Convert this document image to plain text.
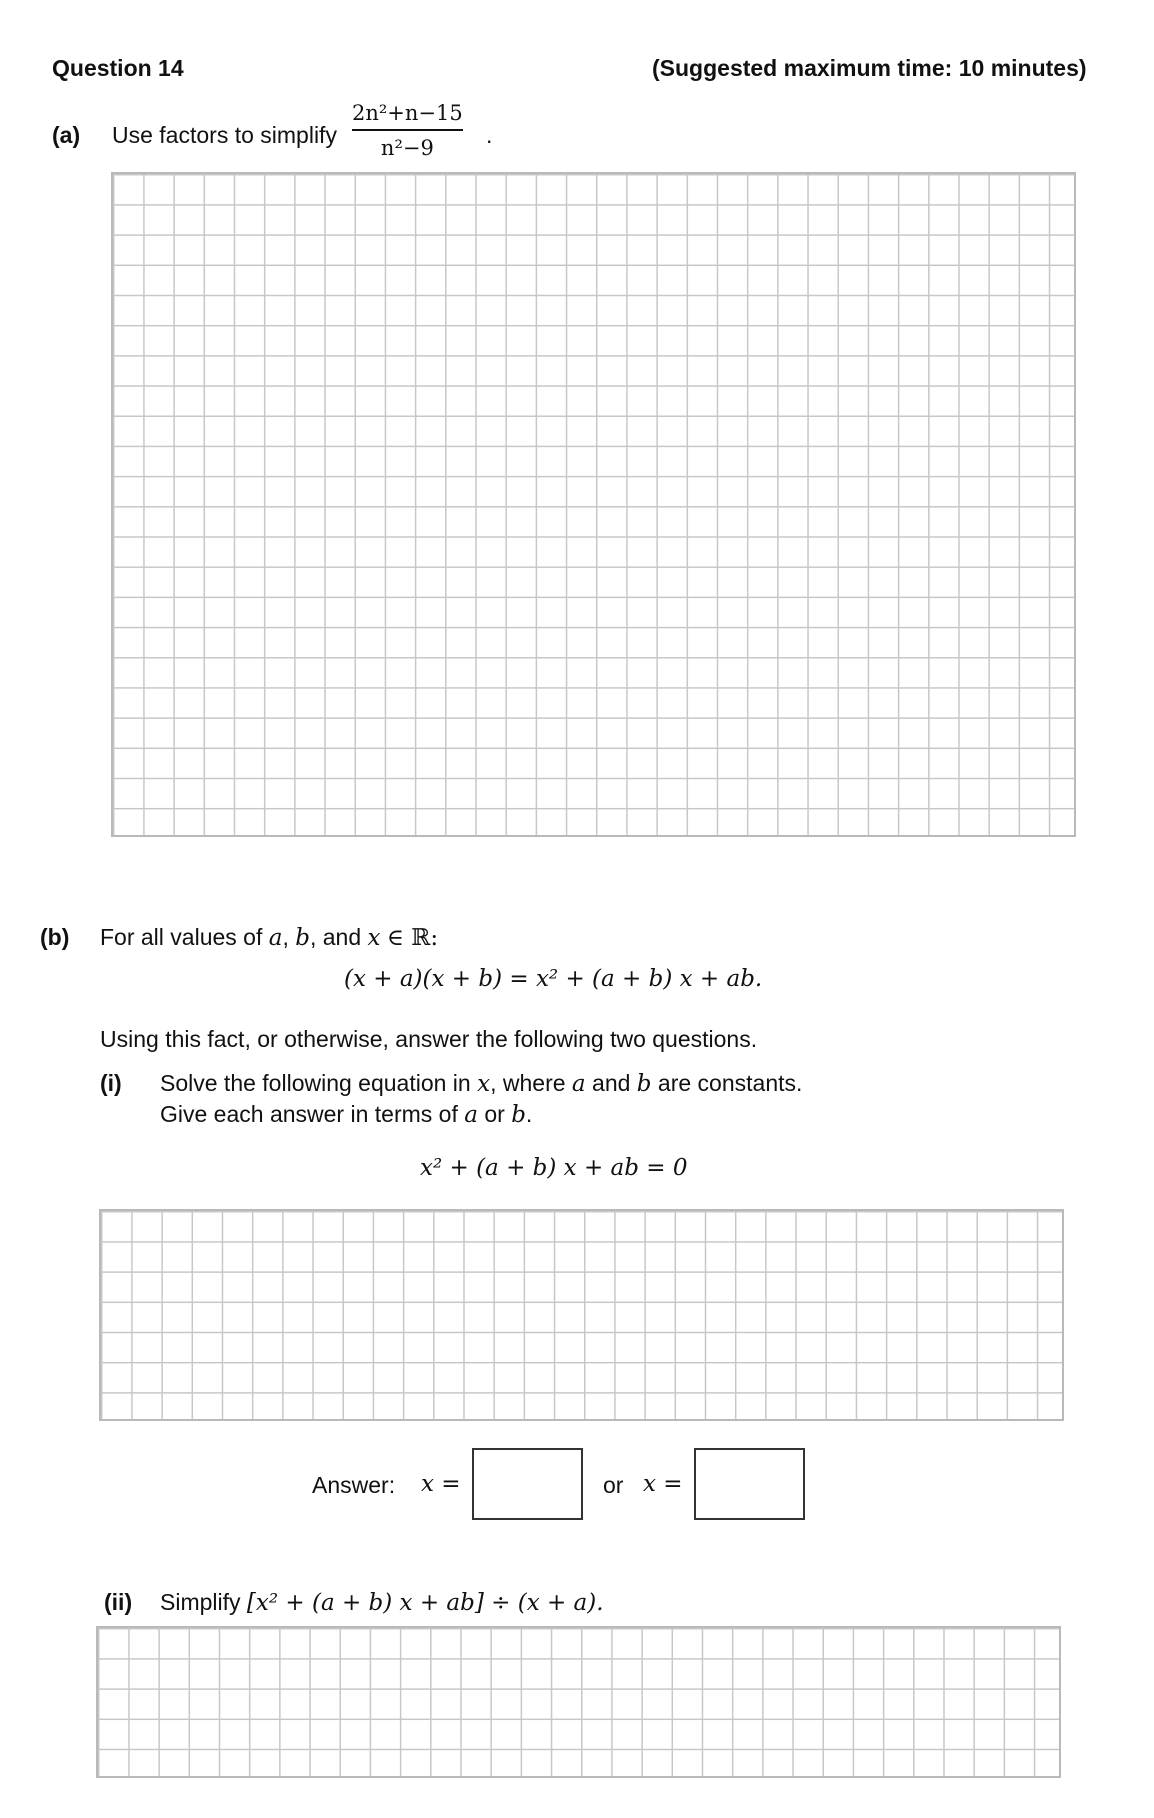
Question 14	(Suggested maximum time: 10 minutes)
(a) Use factors to simplify
2n²+n−15
n²−9 .
(b) For all values of a, b, and x ∈ ℝ:
(x + a)(x + b) = x² + (a + b) x + ab.
Using this fact, or otherwise, answer the following two questions.
(i) Solve the following equation in x, where a and b are constants.
Give each answer in terms of a or b.
x² + (a + b) x + ab = 0
Answer: x =	or x =
(ii) Simplify [x² + (a + b) x + ab] ÷ (x + a).
